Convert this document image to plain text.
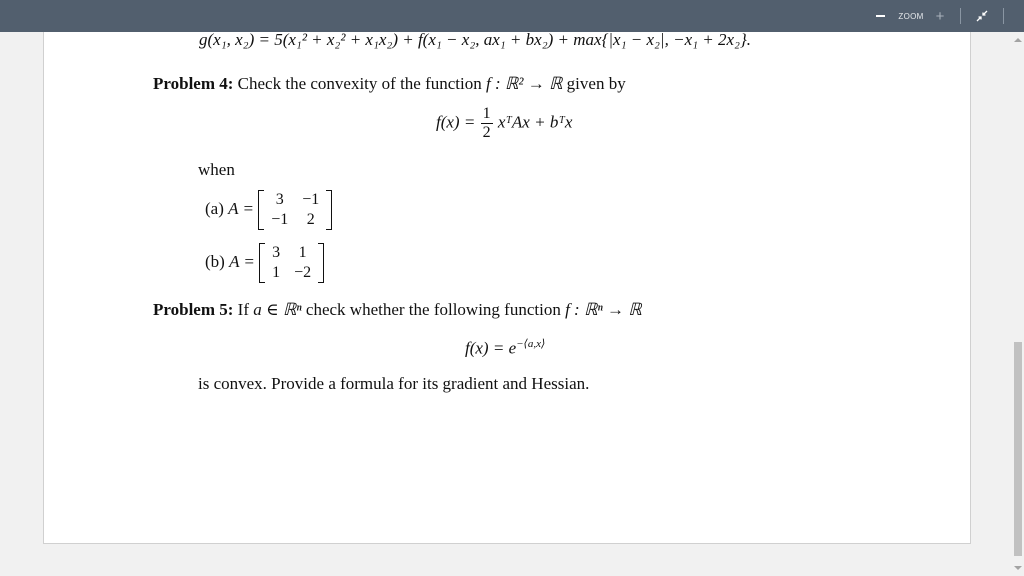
ZOOM +
g(x₁, x₂) = 5(x₁² + x₂² + x₁x₂) + f(x₁ − x₂, ax₁ + bx₂) + max{|x₁ − x₂|, −x₁ + 2x₂}.
Problem 4: Check the convexity of the function f : ℝ² → ℝ given by
$f(x) = \frac{1}{2}$ xᵀAx + bᵀx
when
(a) A = 3	−1
−1	2
(b) A = 3	1
1	−2
Problem 5: If a ∈ ℝⁿ check whether the following function f : ℝⁿ → ℝ
$f(x) = e^{-⟨a,x⟩}$
is convex. Provide a formula for its gradient and Hessian.
